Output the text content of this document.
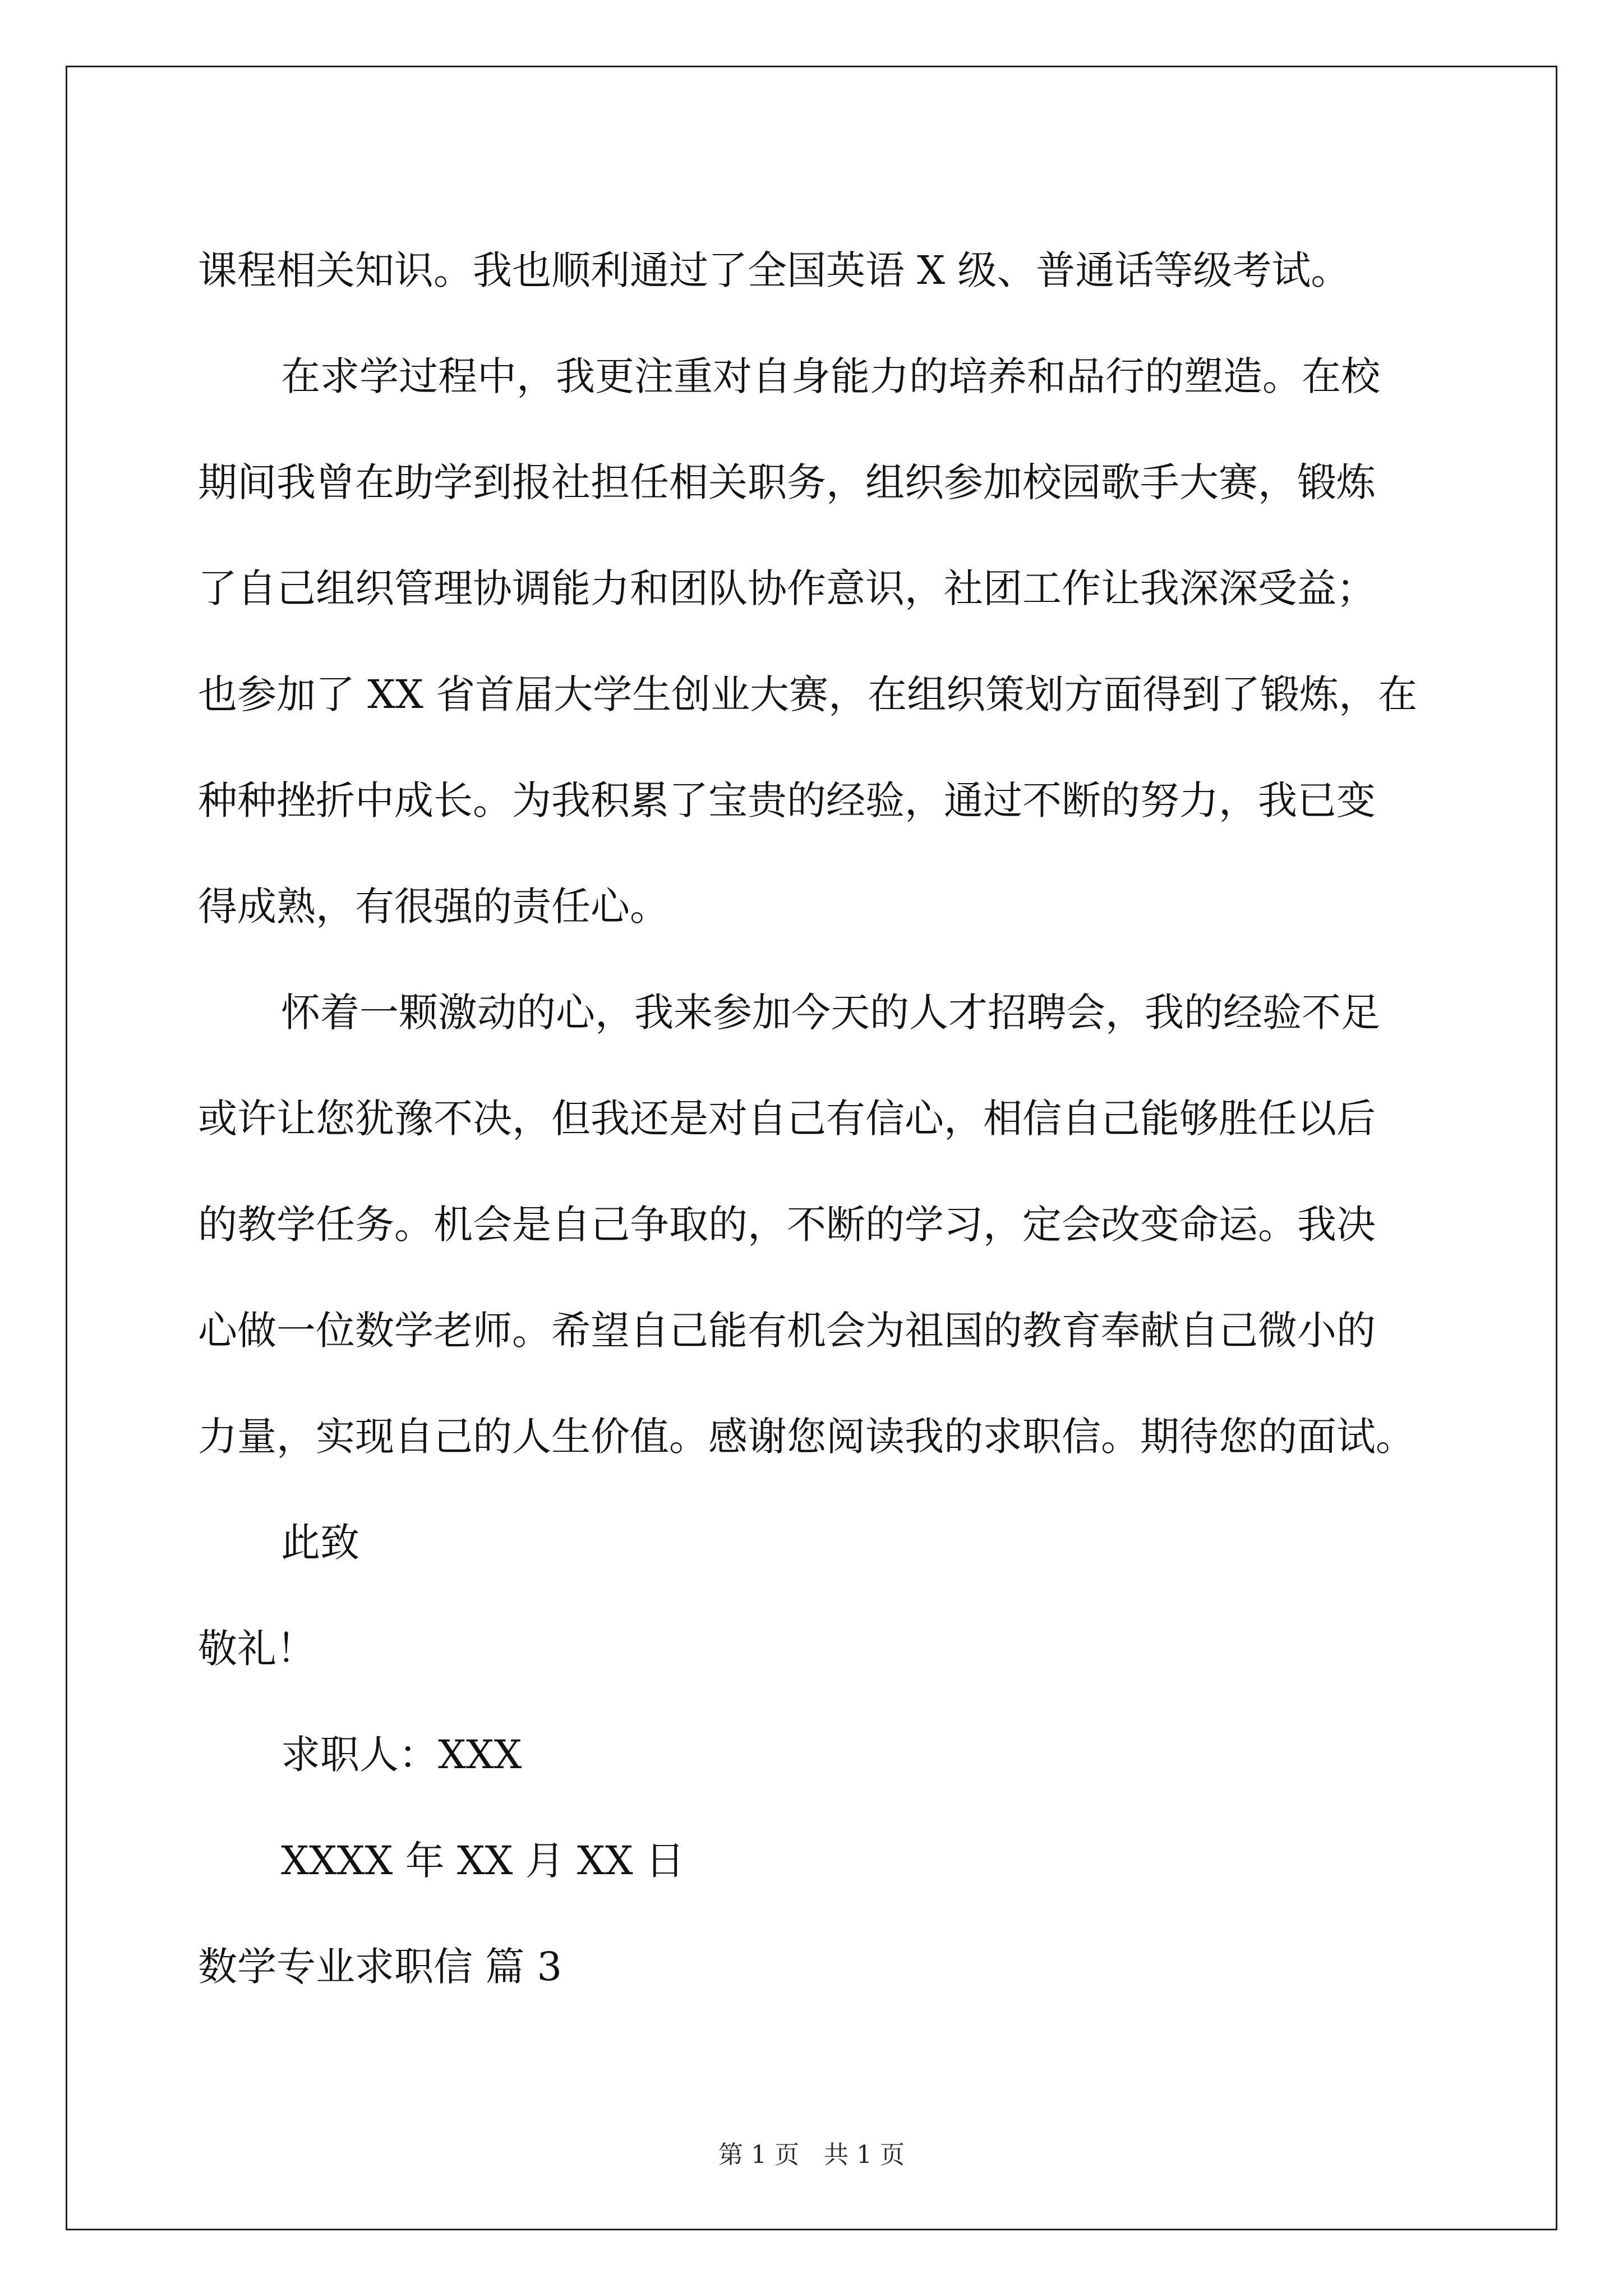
课程相关知识。我也顺利通过了全国英语 X 级、普通话等级考试。

在求学过程中，我更注重对自身能力的培养和品行的塑造。在校

期间我曾在助学到报社担任相关职务，组织参加校园歌手大赛，锻炼

了自己组织管理协调能力和团队协作意识，社团工作让我深深受益；

也参加了 XX 省首届大学生创业大赛，在组织策划方面得到了锻炼，在

种种挫折中成长。为我积累了宝贵的经验，通过不断的努力，我已变

得成熟，有很强的责任心。

怀着一颗激动的心，我来参加今天的人才招聘会，我的经验不足

或许让您犹豫不决，但我还是对自己有信心，相信自己能够胜任以后

的教学任务。机会是自己争取的，不断的学习，定会改变命运。我决

心做一位数学老师。希望自己能有机会为祖国的教育奉献自己微小的

力量，实现自己的人生价值。感谢您阅读我的求职信。期待您的面试。

此致

敬礼！

求职人：XXX

XXXX 年 XX 月 XX 日

数学专业求职信 篇 3

第 1 页　共 1 页
